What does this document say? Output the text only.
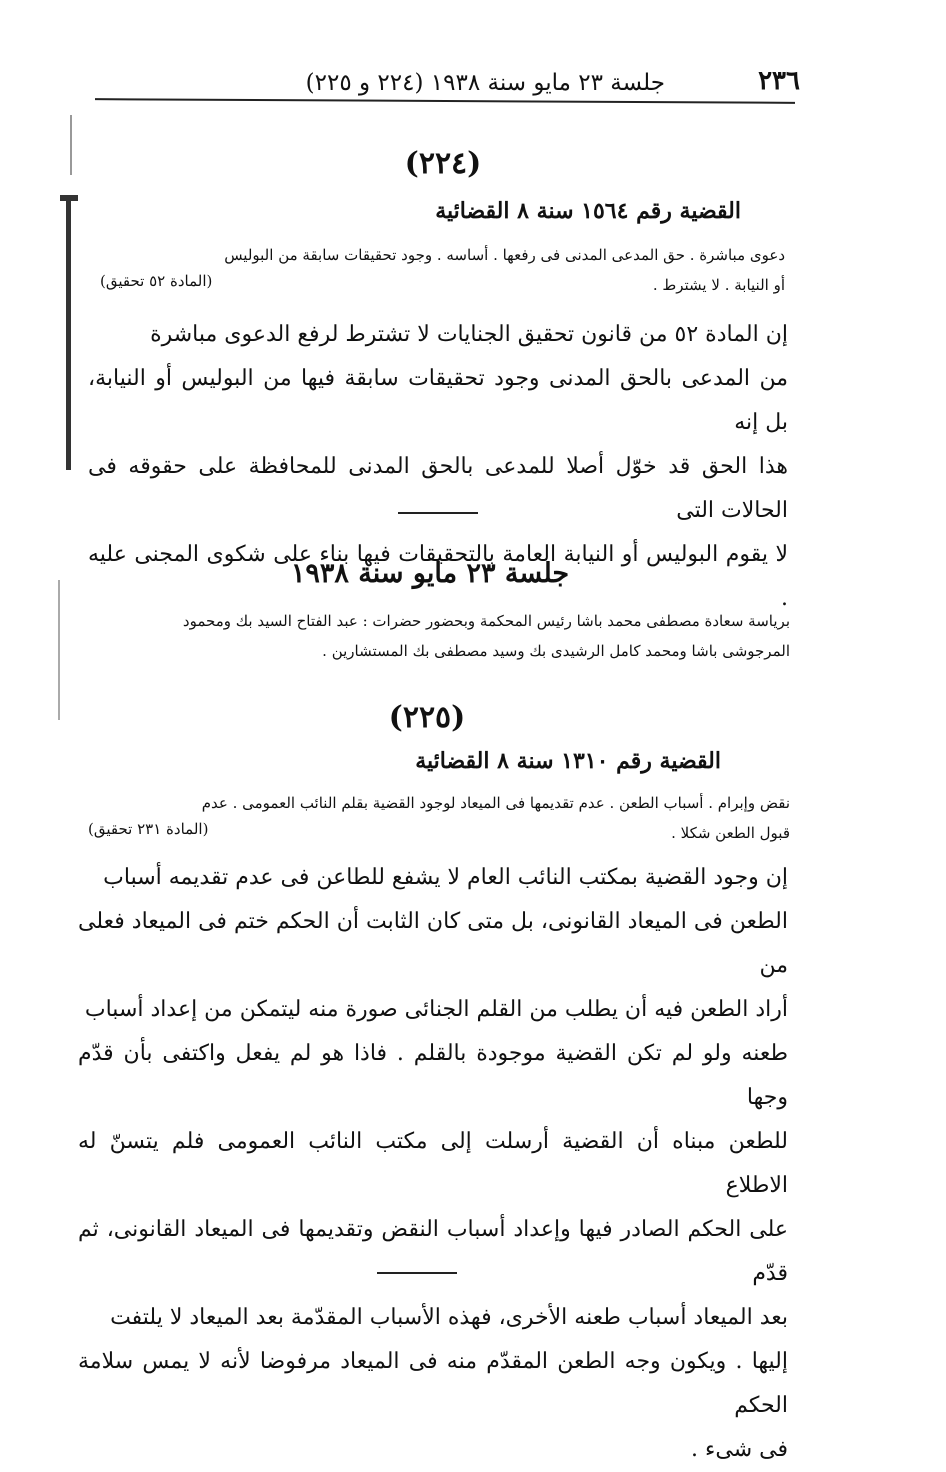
٢٣٦
جلسة ٢٣ مايو سنة ١٩٣٨ (٢٢٤ و ٢٢٥)
(٢٢٤)
القضية رقم ١٥٦٤ سنة ٨ القضائية

دعوى مباشرة . حق المدعى المدنى فى رفعها . أساسه . وجود تحقيقات سابقة من البوليس

أو النيابة . لا يشترط .

(المادة ٥٢ تحقيق)

إن المادة ٥٢ من قانون تحقيق الجنايات لا تشترط لرفع الدعوى مباشرة

من المدعى بالحق المدنى وجود تحقيقات سابقة فيها من البوليس أو النيابة، بل إنه

هذا الحق قد خوّل أصلا للمدعى بالحق المدنى للمحافظة على حقوقه فى الحالات التى

لا يقوم البوليس أو النيابة العامة بالتحقيقات فيها بناء على شكوى المجنى عليه .

جلسة ٢٣ مايو سنة ١٩٣٨

برياسة سعادة مصطفى محمد باشا رئيس المحكمة وبحضور حضرات : عبد الفتاح السيد بك ومحمود

المرجوشى باشا ومحمد كامل الرشيدى بك وسيد مصطفى بك المستشارين .

(٢٢٥)
القضية رقم ١٣١٠ سنة ٨ القضائية

نقض وإبرام . أسباب الطعن . عدم تقديمها فى الميعاد لوجود القضية بقلم النائب العمومى . عدم

قبول الطعن شكلا .

(المادة ٢٣١ تحقيق)

إن وجود القضية بمكتب النائب العام لا يشفع للطاعن فى عدم تقديمه أسباب

الطعن فى الميعاد القانونى، بل متى كان الثابت أن الحكم ختم فى الميعاد فعلى من

أراد الطعن فيه أن يطلب من القلم الجنائى صورة منه ليتمكن من إعداد أسباب

طعنه ولو لم تكن القضية موجودة بالقلم . فاذا هو لم يفعل واكتفى بأن قدّم وجها

للطعن مبناه أن القضية أرسلت إلى مكتب النائب العمومى فلم يتسنّ له الاطلاع

على الحكم الصادر فيها وإعداد أسباب النقض وتقديمها فى الميعاد القانونى، ثم قدّم

بعد الميعاد أسباب طعنه الأخرى، فهذه الأسباب المقدّمة بعد الميعاد لا يلتفت

إليها . ويكون وجه الطعن المقدّم منه فى الميعاد مرفوضا لأنه لا يمس سلامة الحكم

فى شىء .
